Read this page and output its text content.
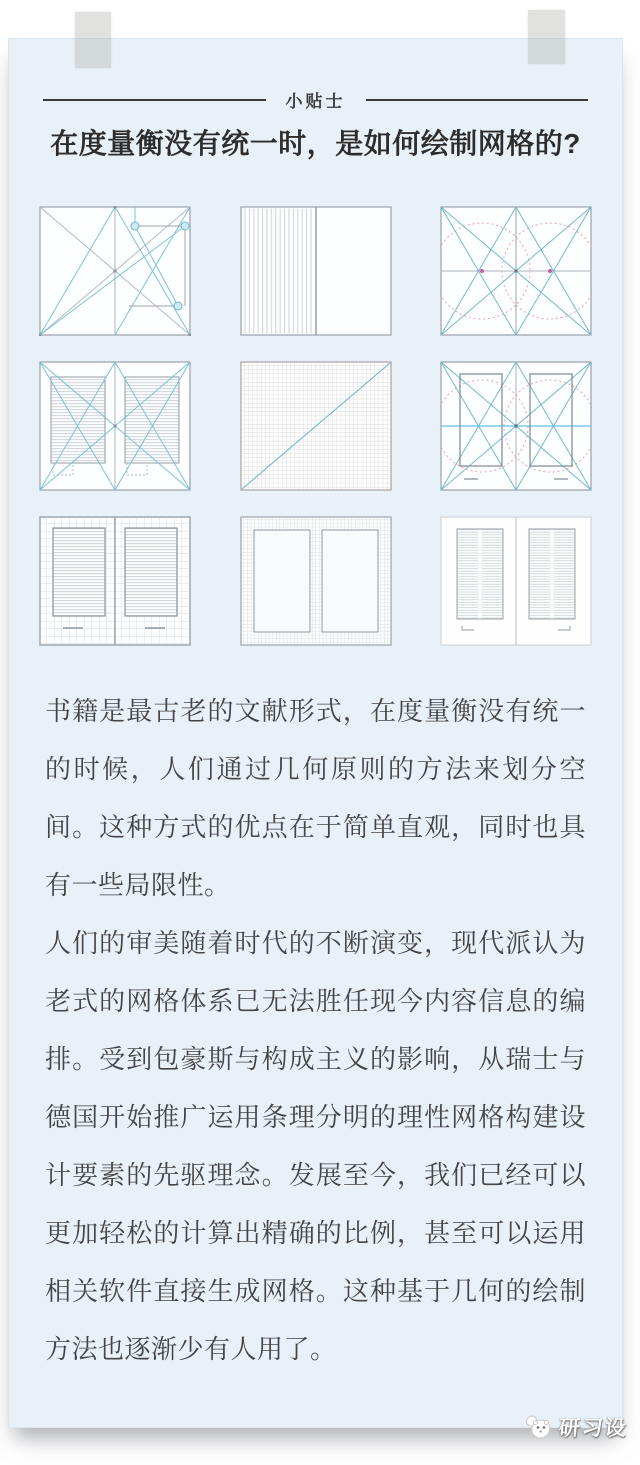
小贴士
在度量衡没有统一时，是如何绘制网格的?

书籍是最古老的文献形式，在度量衡没有统一的时候，人们通过几何原则的方法来划分空间。这种方式的优点在于简单直观，同时也具有一些局限性。

人们的审美随着时代的不断演变，现代派认为老式的网格体系已无法胜任现今内容信息的编排。受到包豪斯与构成主义的影响，从瑞士与德国开始推广运用条理分明的理性网格构建设计要素的先驱理念。发展至今，我们已经可以更加轻松的计算出精确的比例，甚至可以运用相关软件直接生成网格。这种基于几何的绘制方法也逐渐少有人用了。

研习设
